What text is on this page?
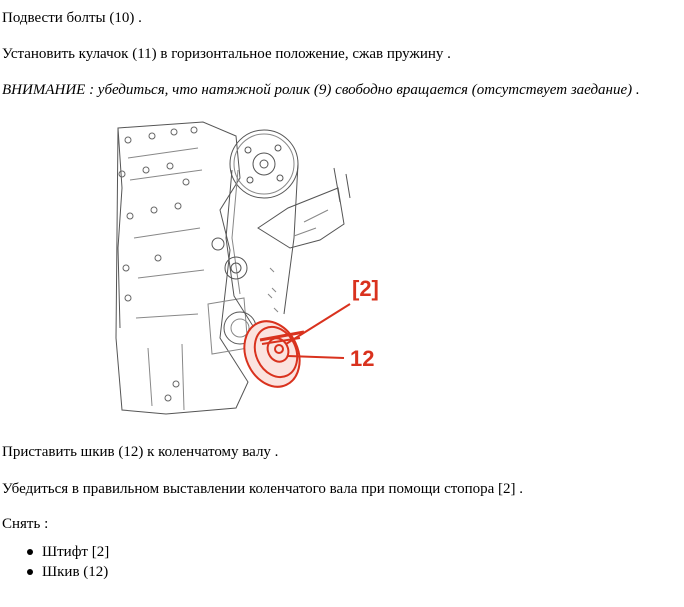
Подвести болты (10) .
Установить кулачок (11) в горизонтальное положение, сжав пружину .
ВНИМАНИЕ : убедиться, что натяжной ролик (9) свободно вращается (отсутствует заедание) .
[2]
12
Приставить шкив (12) к коленчатому валу .
Убедиться в правильном выставлении коленчатого вала при помощи стопора [2] .
Снять :
Штифт [2]
Шкив (12)
